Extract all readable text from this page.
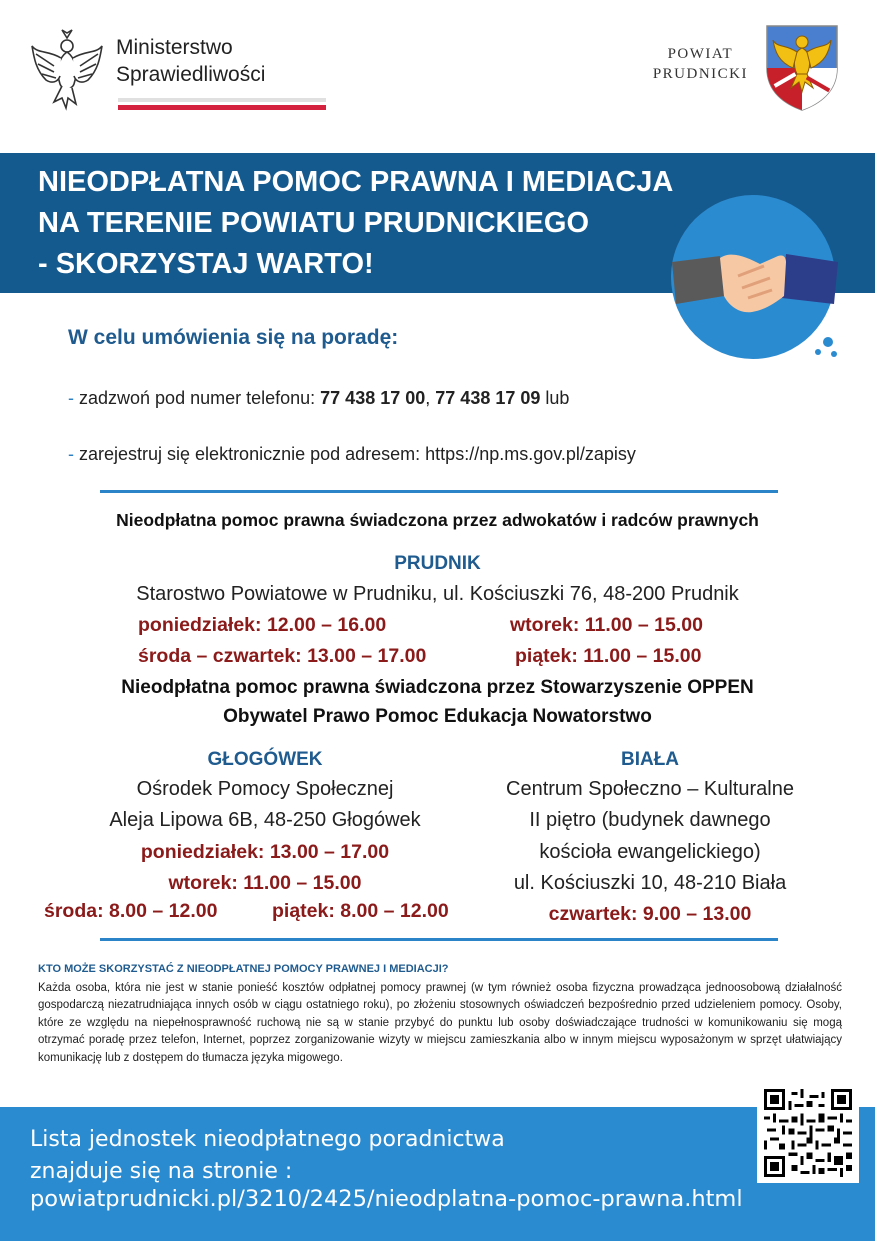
Ministerstwo
Sprawiedliwości
POWIAT
PRUDNICKI
NIEODPŁATNA POMOC PRAWNA I MEDIACJA
NA TERENIE POWIATU PRUDNICKIEGO
- SKORZYSTAJ WARTO!
W celu umówienia się na poradę:
- zadzwoń pod numer telefonu: 77 438 17 00, 77 438 17 09 lub
- zarejestruj się elektronicznie pod adresem: https://np.ms.gov.pl/zapisy
Nieodpłatna pomoc prawna świadczona przez adwokatów i radców prawnych
PRUDNIK
Starostwo Powiatowe w Prudniku, ul. Kościuszki 76, 48-200 Prudnik
poniedziałek: 12.00 – 16.00	wtorek: 11.00 – 15.00
środa – czwartek: 13.00 – 17.00	piątek: 11.00 – 15.00
Nieodpłatna pomoc prawna świadczona przez Stowarzyszenie OPPEN
Obywatel Prawo Pomoc Edukacja Nowatorstwo
GŁOGÓWEK
Ośrodek Pomocy Społecznej
Aleja Lipowa 6B, 48-250 Głogówek
poniedziałek: 13.00 – 17.00
wtorek: 11.00 – 15.00
środa: 8.00 – 12.00	piątek: 8.00 – 12.00
BIAŁA
Centrum Społeczno – Kulturalne
II piętro (budynek dawnego
kościoła ewangelickiego)
ul. Kościuszki 10, 48-210 Biała
czwartek: 9.00 – 13.00
KTO MOŻE SKORZYSTAĆ Z NIEODPŁATNEJ POMOCY PRAWNEJ I MEDIACJI?
Każda osoba, która nie jest w stanie ponieść kosztów odpłatnej pomocy prawnej (w tym również osoba fizyczna prowadząca jednoosobową działalność gospodarczą niezatrudniająca innych osób w ciągu ostatniego roku), po złożeniu stosownych oświadczeń bezpośrednio przed udzieleniem pomocy. Osoby, które ze względu na niepełnosprawność ruchową nie są w stanie przybyć do punktu lub osoby doświadczające trudności w komunikowaniu się mogą otrzymać poradę przez telefon, Internet, poprzez zorganizowanie wizyty w miejscu zamieszkania albo w innym miejscu wyposażonym w sprzęt ułatwiający komunikację lub z dostępem do tłumacza języka migowego.
Lista jednostek nieodpłatnego poradnictwa
znajduje się na stronie :
powiatprudnicki.pl/3210/2425/nieodplatna-pomoc-prawna.html
